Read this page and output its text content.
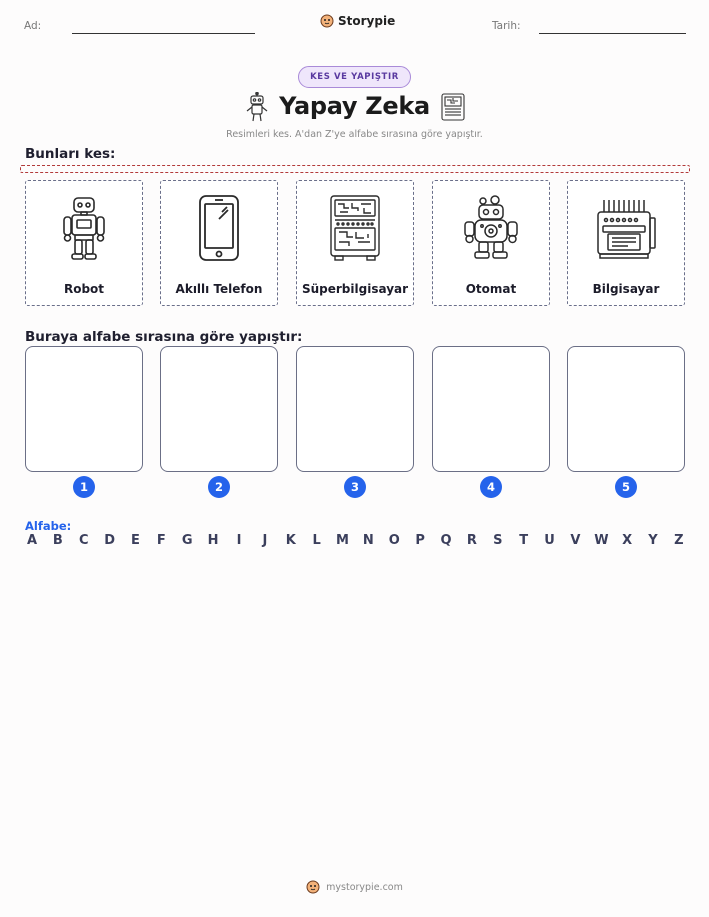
Ad:	Storypie	Tarih:
KES VE YAPIŞTIR
Yapay Zeka
Resimleri kes. A'dan Z'ye alfabe sırasına göre yapıştır.
Bunları kes:
Robot	Akıllı Telefon	Süperbilgisayar	Otomat	Bilgisayar
Buraya alfabe sırasına göre yapıştır:
1	2	3	4	5
Alfabe:
A B C D E F G H	I	J	K L M N O P Q R S T U V W X Y Z
mystorypie.com
